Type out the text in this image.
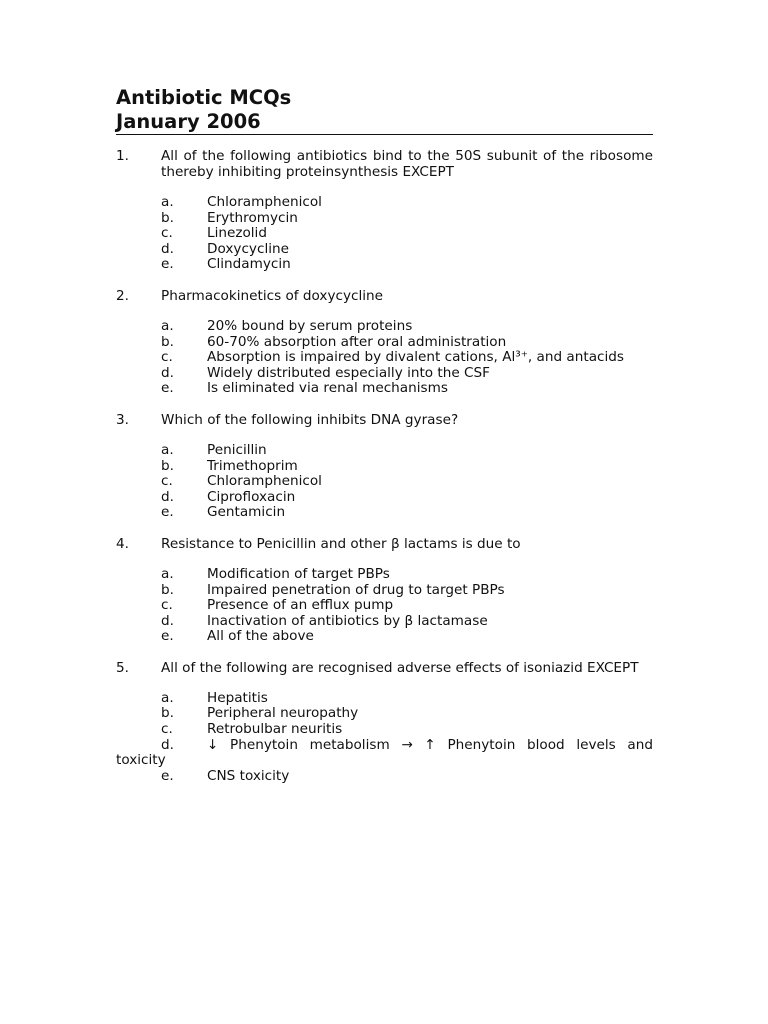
Antibiotic MCQs
January 2006
1.	All of the following antibiotics bind to the 50S subunit of the ribosome thereby inhibiting proteinsynthesis EXCEPT
a.	Chloramphenicol
b.	Erythromycin
c.	Linezolid
d.	Doxycycline
e.	Clindamycin
2.	Pharmacokinetics of doxycycline
a.	20% bound by serum proteins
b.	60-70% absorption after oral administration
c.	Absorption is impaired by divalent cations, Al³⁺, and antacids
d.	Widely distributed especially into the CSF
e.	Is eliminated via renal mechanisms
3.	Which of the following inhibits DNA gyrase?
a.	Penicillin
b.	Trimethoprim
c.	Chloramphenicol
d.	Ciprofloxacin
e.	Gentamicin
4.	Resistance to Penicillin and other β lactams is due to
a.	Modification of target PBPs
b.	Impaired penetration of drug to target PBPs
c.	Presence of an efflux pump
d.	Inactivation of antibiotics by β lactamase
e.	All of the above
5.	All of the following are recognised adverse effects of isoniazid EXCEPT
a.	Hepatitis
b.	Peripheral neuropathy
c.	Retrobulbar neuritis
d.	↓ Phenytoin metabolism → ↑ Phenytoin blood levels and
toxicity
e.	CNS toxicity
